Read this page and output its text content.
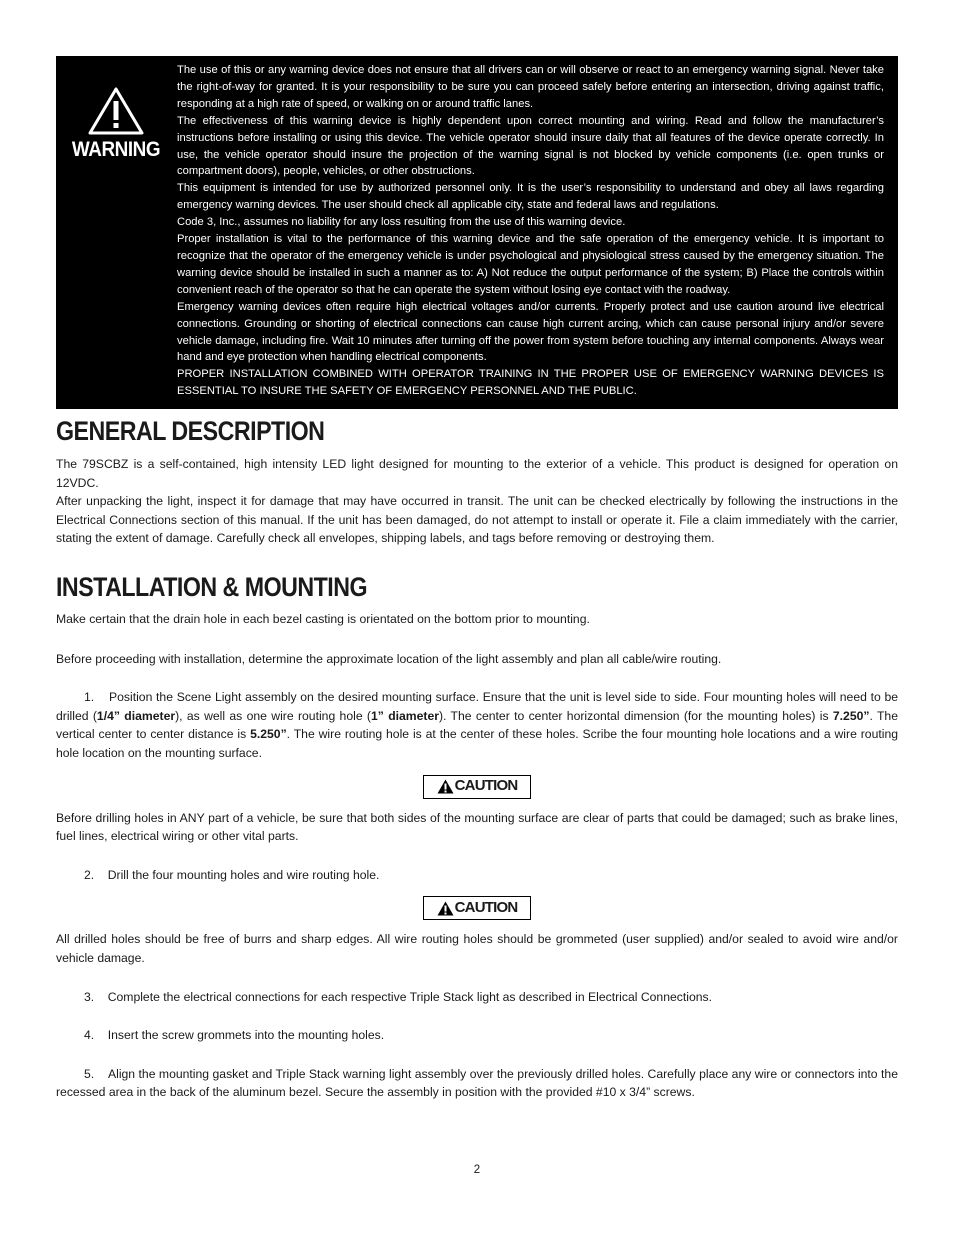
WARNING

The use of this or any warning device does not ensure that all drivers can or will observe or react to an emergency warning signal. Never take the right-of-way for granted. It is your responsibility to be sure you can proceed safely before entering an intersection, driving against traffic, responding at a high rate of speed, or walking on or around traffic lanes.

The effectiveness of this warning device is highly dependent upon correct mounting and wiring. Read and follow the manufacturer’s instructions before installing or using this device. The vehicle operator should insure daily that all features of the device operate correctly. In use, the vehicle operator should insure the projection of the warning signal is not blocked by vehicle components (i.e. open trunks or compartment doors), people, vehicles, or other obstructions.

This equipment is intended for use by authorized personnel only. It is the user’s responsibility to understand and obey all laws regarding emergency warning devices. The user should check all applicable city, state and federal laws and regulations.

Code 3, Inc., assumes no liability for any loss resulting from the use of this warning device.

Proper installation is vital to the performance of this warning device and the safe operation of the emergency vehicle. It is important to recognize that the operator of the emergency vehicle is under psychological and physiological stress caused by the emergency situation. The warning device should be installed in such a manner as to: A) Not reduce the output performance of the system; B) Place the controls within convenient reach of the operator so that he can operate the system without losing eye contact with the roadway.

Emergency warning devices often require high electrical voltages and/or currents. Properly protect and use caution around live electrical connections. Grounding or shorting of electrical connections can cause high current arcing, which can cause personal injury and/or severe vehicle damage, including fire. Wait 10 minutes after turning off the power from system before touching any internal components. Always wear hand and eye protection when handling electrical components.

PROPER INSTALLATION COMBINED WITH OPERATOR TRAINING IN THE PROPER USE OF EMERGENCY WARNING DEVICES IS ESSENTIAL TO INSURE THE SAFETY OF EMERGENCY PERSONNEL AND THE PUBLIC.

GENERAL DESCRIPTION

The 79SCBZ is a self-contained, high intensity LED light designed for mounting to the exterior of a vehicle. This product is designed for operation on 12VDC.

After unpacking the light, inspect it for damage that may have occurred in transit. The unit can be checked electrically by following the instructions in the Electrical Connections section of this manual. If the unit has been damaged, do not attempt to install or operate it. File a claim immediately with the carrier, stating the extent of damage. Carefully check all envelopes, shipping labels, and tags before removing or destroying them.

INSTALLATION & MOUNTING

Make certain that the drain hole in each bezel casting is orientated on the bottom prior to mounting.

Before proceeding with installation, determine the approximate location of the light assembly and plan all cable/wire routing.

1. Position the Scene Light assembly on the desired mounting surface. Ensure that the unit is level side to side. Four mounting holes will need to be drilled (1/4” diameter), as well as one wire routing hole (1” diameter). The center to center horizontal dimension (for the mounting holes) is 7.250”. The vertical center to center distance is 5.250”. The wire routing hole is at the center of these holes. Scribe the four mounting hole locations and a wire routing hole location on the mounting surface.

CAUTION

Before drilling holes in ANY part of a vehicle, be sure that both sides of the mounting surface are clear of parts that could be damaged; such as brake lines, fuel lines, electrical wiring or other vital parts.

2. Drill the four mounting holes and wire routing hole.

CAUTION

All drilled holes should be free of burrs and sharp edges. All wire routing holes should be grommeted (user supplied) and/or sealed to avoid wire and/or vehicle damage.

3. Complete the electrical connections for each respective Triple Stack light as described in Electrical Connections.

4. Insert the screw grommets into the mounting holes.

5. Align the mounting gasket and Triple Stack warning light assembly over the previously drilled holes. Carefully place any wire or connectors into the recessed area in the back of the aluminum bezel. Secure the assembly in position with the provided #10 x 3/4” screws.

2
